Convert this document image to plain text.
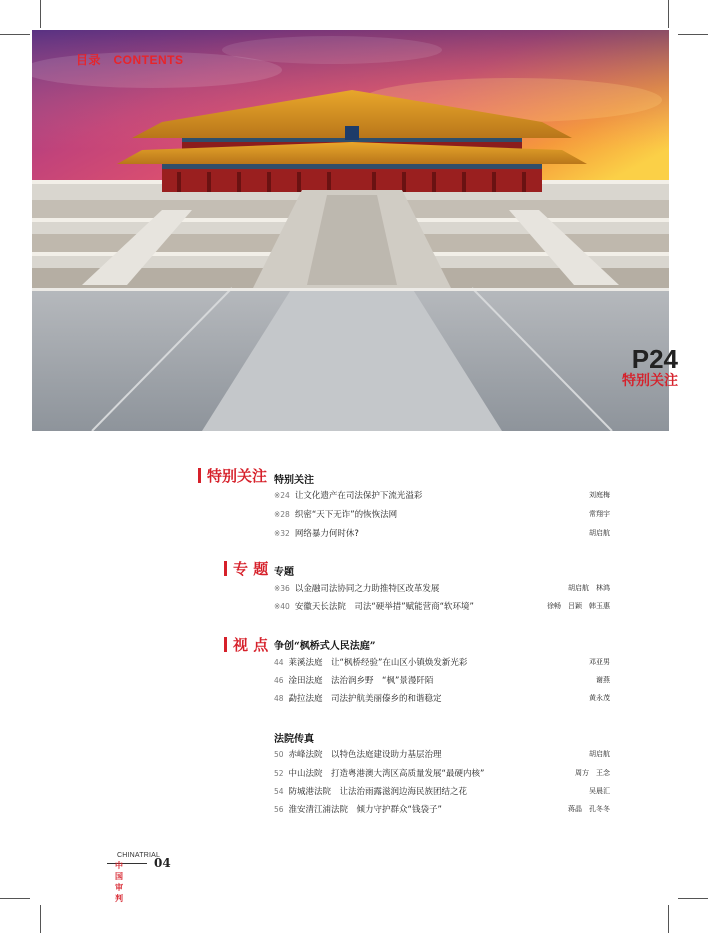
目录　CONTENTS
P24
特别关注
特别关注 特别关注
※24 让文化遗产在司法保护下流光溢彩	刘庭梅
※28 织密“天下无诈”的恢恢法网	常翔宇
※32 网络暴力何时休?	胡启航
专 题 专题
※36 以金融司法协同之力助推特区改革发展	胡启航　林鸿
※40 安徽天长法院　司法“硬举措”赋能营商“软环境”	徐畅　吕颖　韩玉惠
视 点 争创“枫桥式人民法庭”
44 莱溪法庭　让“枫桥经验”在山区小镇焕发新光彩	邓亚男
46 淦田法庭　法治润乡野　“枫”景漫阡陌	谢燕
48 勐拉法庭　司法护航美丽傣乡的和谐稳定	黄永茂
法院传真
50 赤峰法院　以特色法庭建设助力基层治理	胡启航
52 中山法院　打造粤港澳大湾区高质量发展“最硬内核”	周方　王念
54 防城港法院　让法治雨露滋润边海民族团结之花	吴晨汇
56 淮安清江浦法院　倾力守护群众“钱袋子”	蒋晶　孔冬冬
CHINATRIAL
中国审判
04
